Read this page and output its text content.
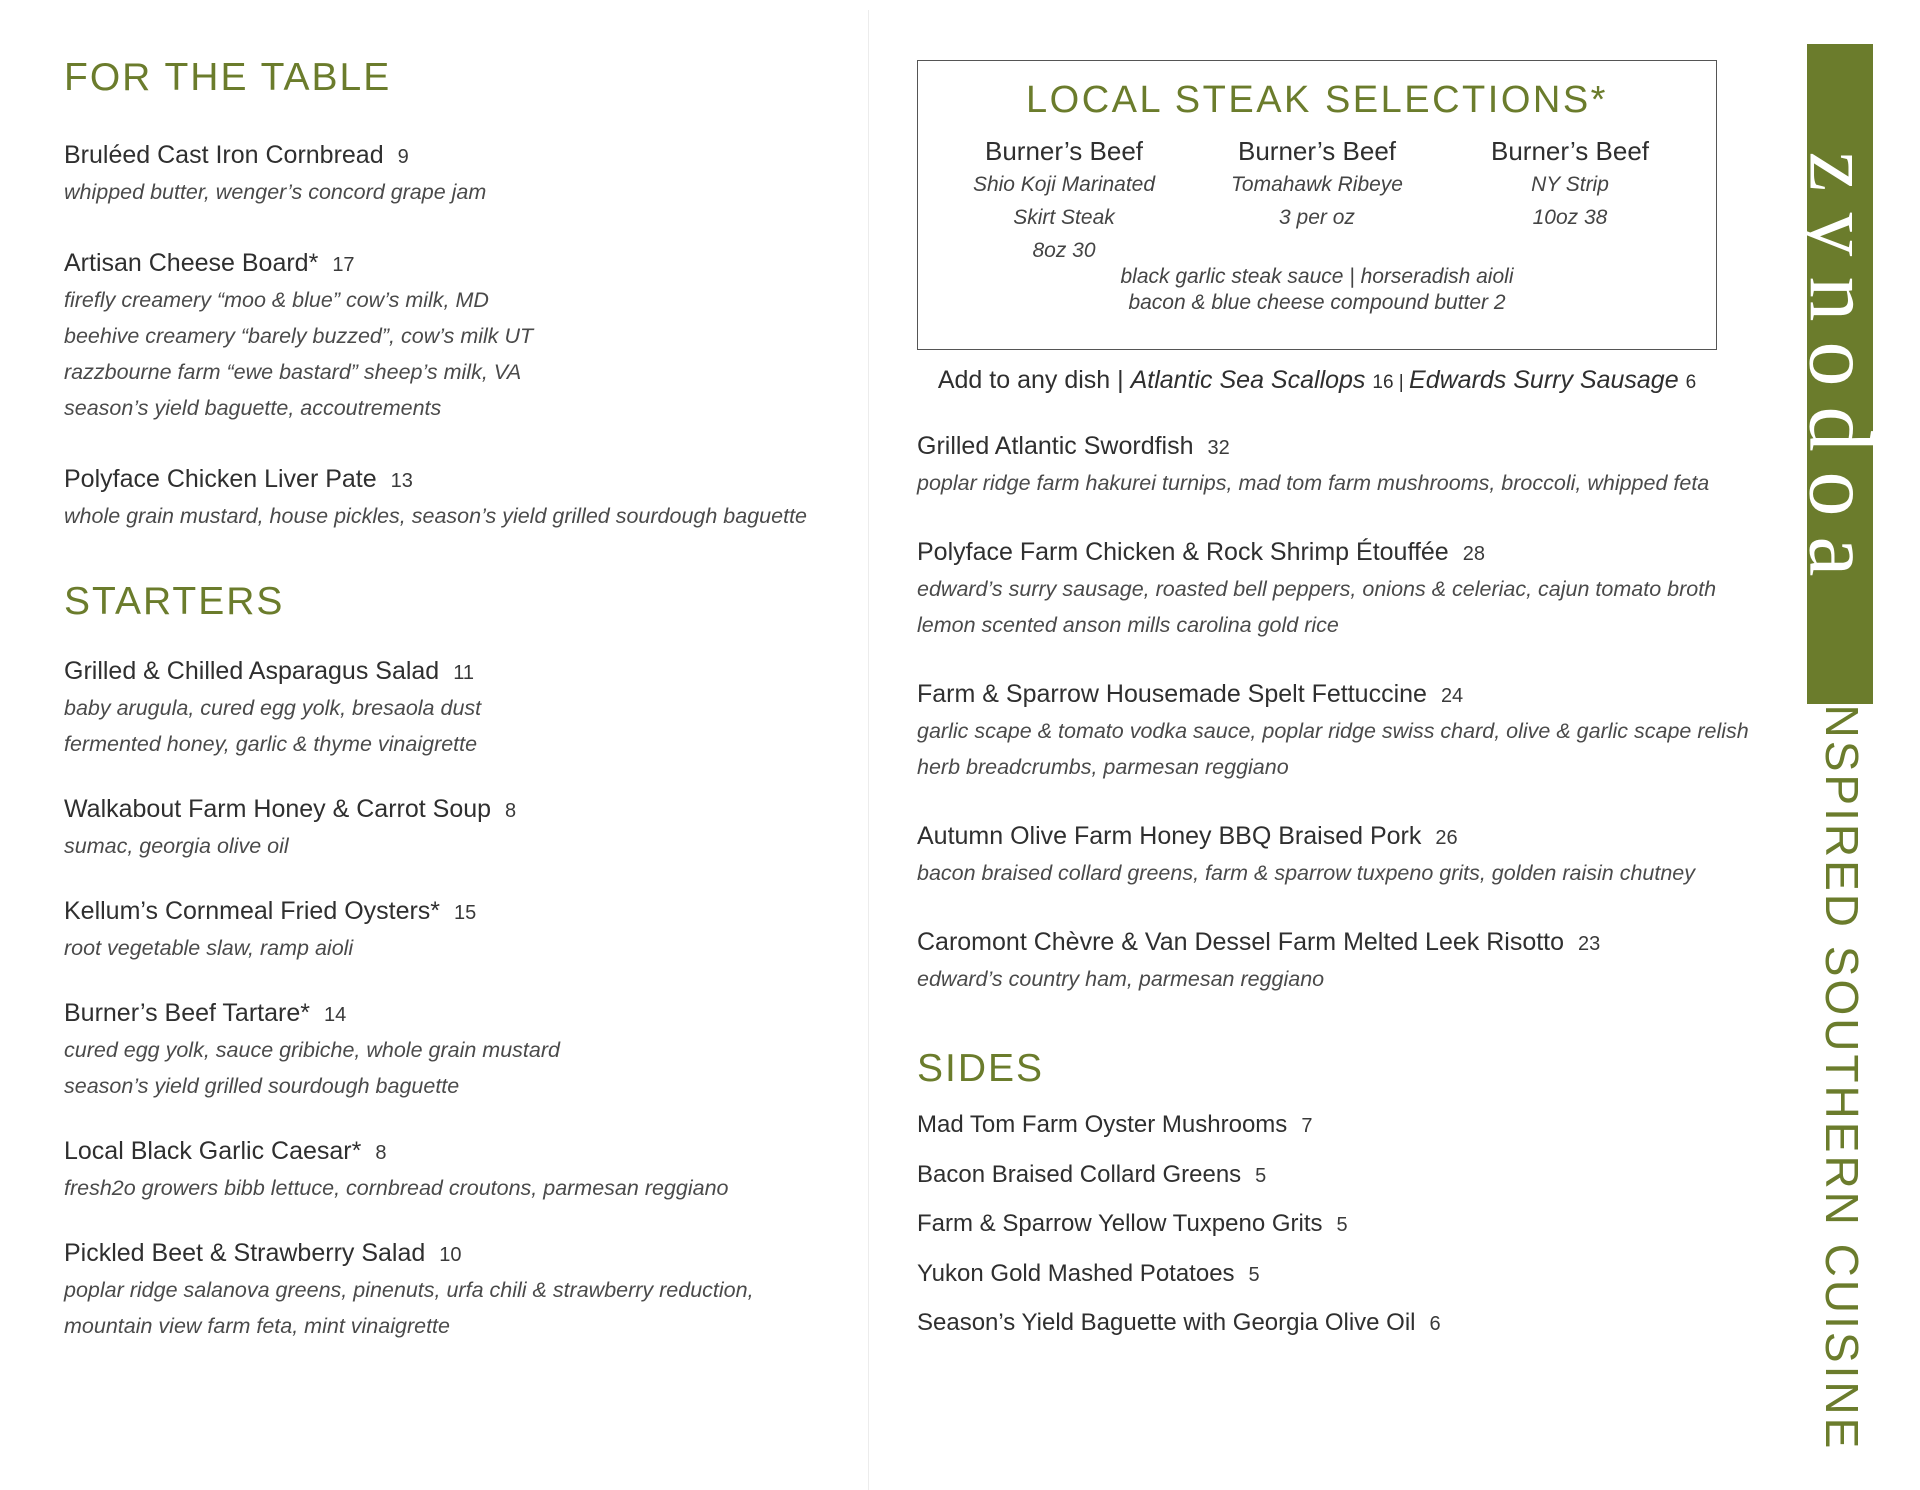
FOR THE TABLE
Bruléed Cast Iron Cornbread 9
whipped butter, wenger’s concord grape jam
Artisan Cheese Board* 17
firefly creamery “moo & blue” cow’s milk, MD
beehive creamery “barely buzzed”, cow’s milk UT
razzbourne farm “ewe bastard” sheep’s milk, VA
season’s yield baguette, accoutrements
Polyface Chicken Liver Pate 13
whole grain mustard, house pickles, season’s yield grilled sourdough baguette
STARTERS
Grilled & Chilled Asparagus Salad 11
baby arugula, cured egg yolk, bresaola dust
fermented honey, garlic & thyme vinaigrette
Walkabout Farm Honey & Carrot Soup 8
sumac, georgia olive oil
Kellum’s Cornmeal Fried Oysters* 15
root vegetable slaw, ramp aioli
Burner’s Beef Tartare* 14
cured egg yolk, sauce gribiche, whole grain mustard
season’s yield grilled sourdough baguette
Local Black Garlic Caesar* 8
fresh2o growers bibb lettuce, cornbread croutons, parmesan reggiano
Pickled Beet & Strawberry Salad 10
poplar ridge salanova greens, pinenuts, urfa chili & strawberry reduction,
mountain view farm feta, mint vinaigrette
LOCAL STEAK SELECTIONS*
Burner’s Beef
Shio Koji Marinated
Skirt Steak
8oz 30
Burner’s Beef
Tomahawk Ribeye
3 per oz
Burner’s Beef
NY Strip
10oz 38
black garlic steak sauce | horseradish aioli
bacon & blue cheese compound butter 2
Add to any dish | Atlantic Sea Scallops 16 | Edwards Surry Sausage 6
Grilled Atlantic Swordfish 32
poplar ridge farm hakurei turnips, mad tom farm mushrooms, broccoli, whipped feta
Polyface Farm Chicken & Rock Shrimp Étouffée 28
edward’s surry sausage, roasted bell peppers, onions & celeriac, cajun tomato broth
lemon scented anson mills carolina gold rice
Farm & Sparrow Housemade Spelt Fettuccine 24
garlic scape & tomato vodka sauce, poplar ridge swiss chard, olive & garlic scape relish
herb breadcrumbs, parmesan reggiano
Autumn Olive Farm Honey BBQ Braised Pork 26
bacon braised collard greens, farm & sparrow tuxpeno grits, golden raisin chutney
Caromont Chèvre & Van Dessel Farm Melted Leek Risotto 23
edward’s country ham, parmesan reggiano
SIDES
Mad Tom Farm Oyster Mushrooms 7
Bacon Braised Collard Greens 5
Farm & Sparrow Yellow Tuxpeno Grits 5
Yukon Gold Mashed Potatoes 5
Season’s Yield Baguette with Georgia Olive Oil 6
zynodoa
INSPIRED SOUTHERN CUISINE
